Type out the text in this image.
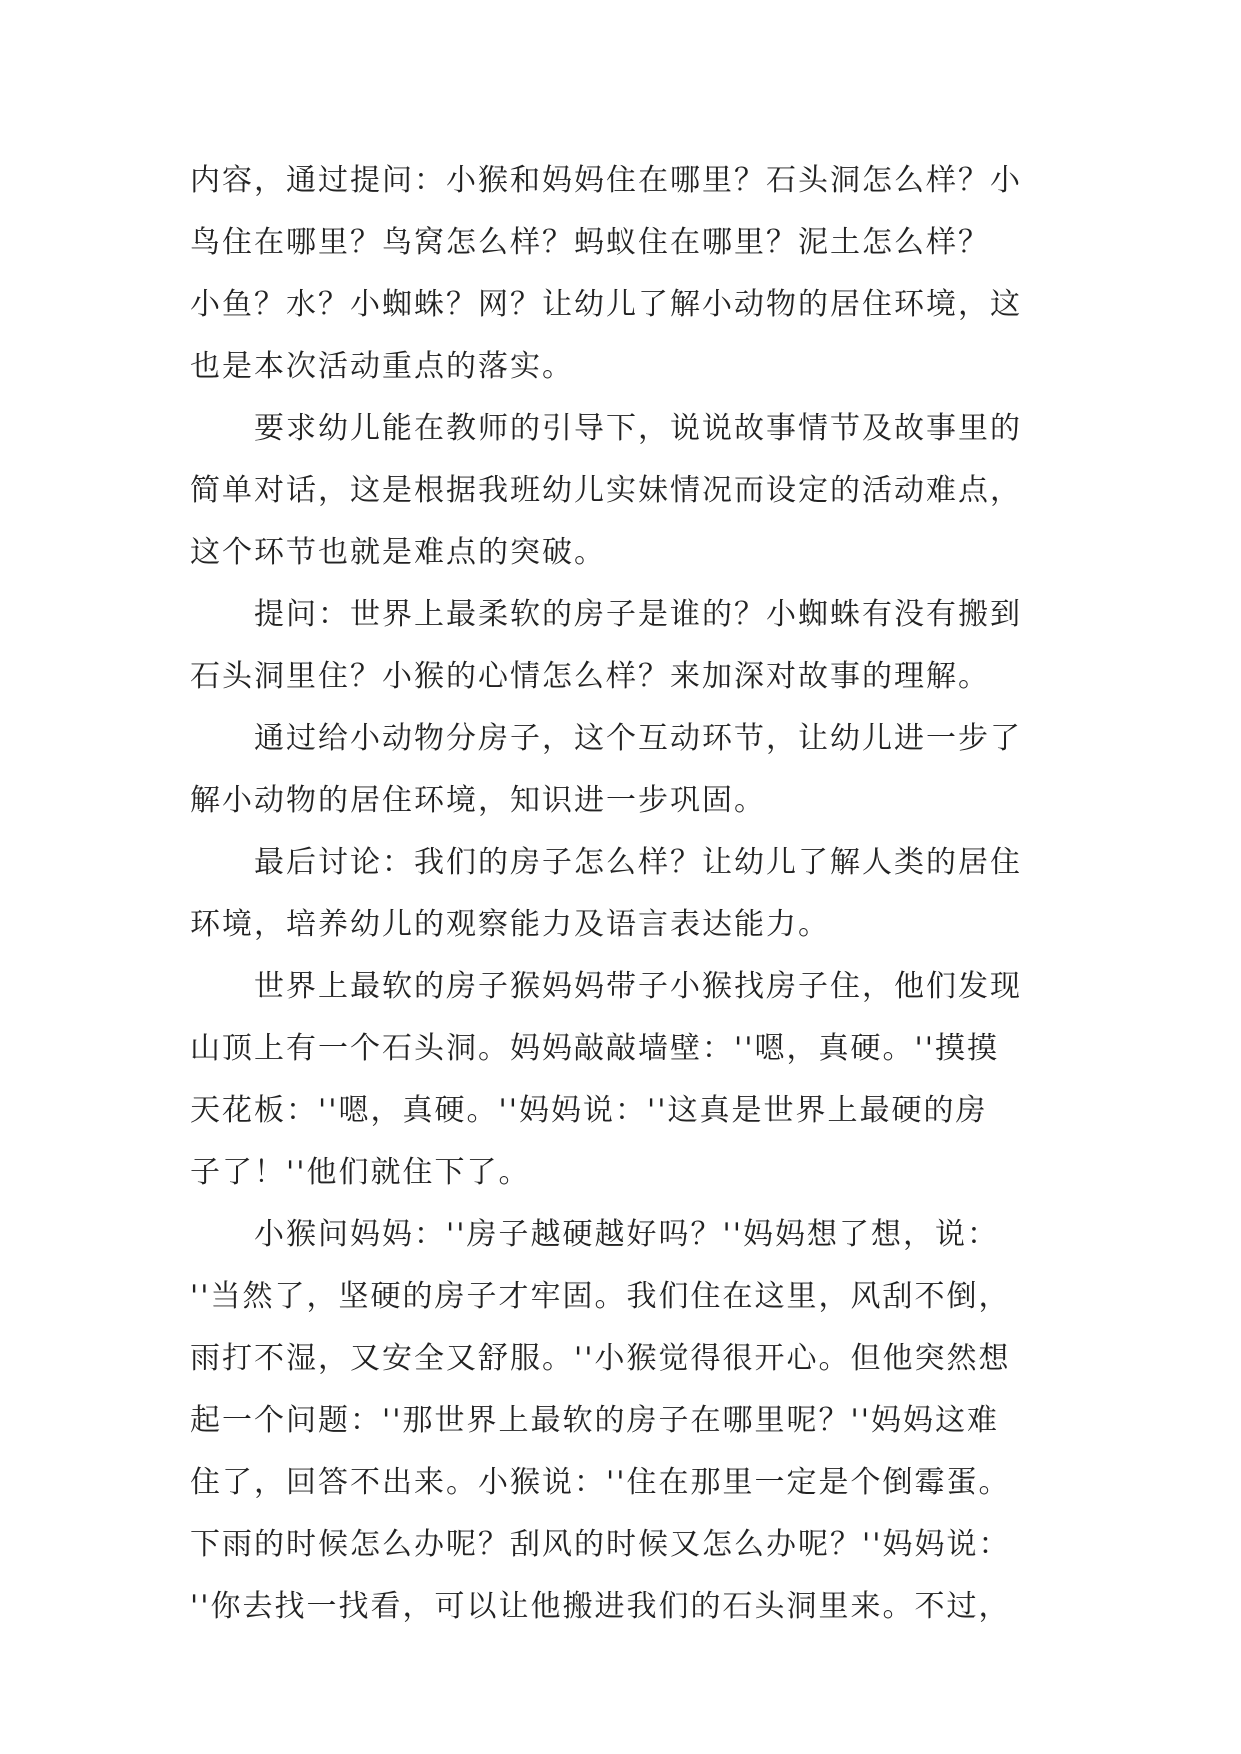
内容，通过提问：小猴和妈妈住在哪里？石头洞怎么样？小
鸟住在哪里？鸟窝怎么样？蚂蚁住在哪里？泥土怎么样？
小鱼？水？小蜘蛛？网？让幼儿了解小动物的居住环境，这
也是本次活动重点的落实。
　　要求幼儿能在教师的引导下，说说故事情节及故事里的
简单对话，这是根据我班幼儿实妹情况而设定的活动难点，
这个环节也就是难点的突破。
　　提问：世界上最柔软的房子是谁的？小蜘蛛有没有搬到
石头洞里住？小猴的心情怎么样？来加深对故事的理解。
　　通过给小动物分房子，这个互动环节，让幼儿进一步了
解小动物的居住环境，知识进一步巩固。
　　最后讨论：我们的房子怎么样？让幼儿了解人类的居住
环境，培养幼儿的观察能力及语言表达能力。
　　世界上最软的房子猴妈妈带子小猴找房子住，他们发现
山顶上有一个石头洞。妈妈敲敲墙壁：''嗯，真硬。''摸摸
天花板：''嗯，真硬。''妈妈说：''这真是世界上最硬的房
子了！''他们就住下了。
　　小猴问妈妈：''房子越硬越好吗？''妈妈想了想，说：
''当然了，坚硬的房子才牢固。我们住在这里，风刮不倒，
雨打不湿，又安全又舒服。''小猴觉得很开心。但他突然想
起一个问题：''那世界上最软的房子在哪里呢？''妈妈这难
住了，回答不出来。小猴说：''住在那里一定是个倒霉蛋。
下雨的时候怎么办呢？刮风的时候又怎么办呢？''妈妈说：
''你去找一找看，可以让他搬进我们的石头洞里来。不过，
